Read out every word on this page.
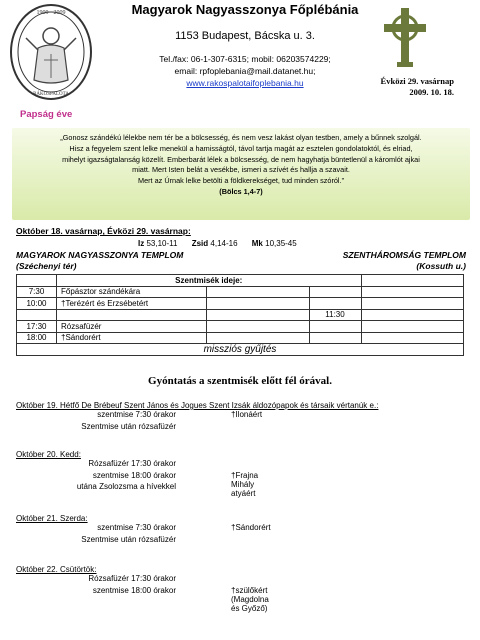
1909 - 2009
RÁKOSPALOTA
Magyarok Nagyasszonya Főplébánia
1153 Budapest, Bácska u. 3.
Tel./fax: 06-1-307-6315; mobil: 06203574229;
email: rpfoplebania@mail.datanet.hu;
www.rakospalotaifoplebania.hu	Évközi 29. vasárnap
2009. 10. 18.
Papság éve
„Gonosz szándékú lélekbe nem tér be a bölcsesség, és nem vesz lakást olyan testben, amely a bűnnek szolgál.
Hisz a fegyelem szent lelke menekül a hamisságtól, távol tartja magát az esztelen gondolatoktól, és elriad,
mihelyt igazságtalanság közelít. Emberbarát lélek a bölcsesség, de nem hagyhatja büntetlenül a káromlót ajkai
miatt. Mert Isten belát a vesékbe, ismeri a szívét és hallja a szavait.
Mert az Úrnak lelke betölti a földkerekséget, tud minden szóról.”
(Bölcs 1,4-7)
Október 18. vasárnap, Évközi 29. vasárnap:
Iz 53,10-11 Zsid 4,14-16 Mk 10,35-45
MAGYAROK NAGYASSZONYA TEMPLOM
(Széchenyi tér)
SZENTHÁROMSÁG TEMPLOM
(Kossuth u.)
	Szentmisék ideje:			
7:30	Főpásztor szándékára			
10:00	†Terézért és Erzsébetért			
			11:30	
17:30	Rózsafüzér			
18:00	†Sándorért			
missziós gyűjtés				
Gyóntatás a szentmisék előtt fél órával.
Október 19. Hétfő De Brébeuf Szent János és Jogues Szent Izsák áldozópapok és társaik vértanúk e.:
szentmise 7:30 órakor	†Ilonáért
Szentmise után rózsafüzér
Október 20. Kedd:
Rózsafüzér 17:30 órakor
szentmise 18:00 órakor	†Frajna Mihály atyáért
utána Zsolozsma a hívekkel
Október 21. Szerda:
szentmise 7:30 órakor	†Sándorért
Szentmise után rózsafüzér
Október 22. Csütörtök:
Rózsafüzér 17:30 órakor
szentmise 18:00 órakor	†szülőkért (Magdolna és Győző)
